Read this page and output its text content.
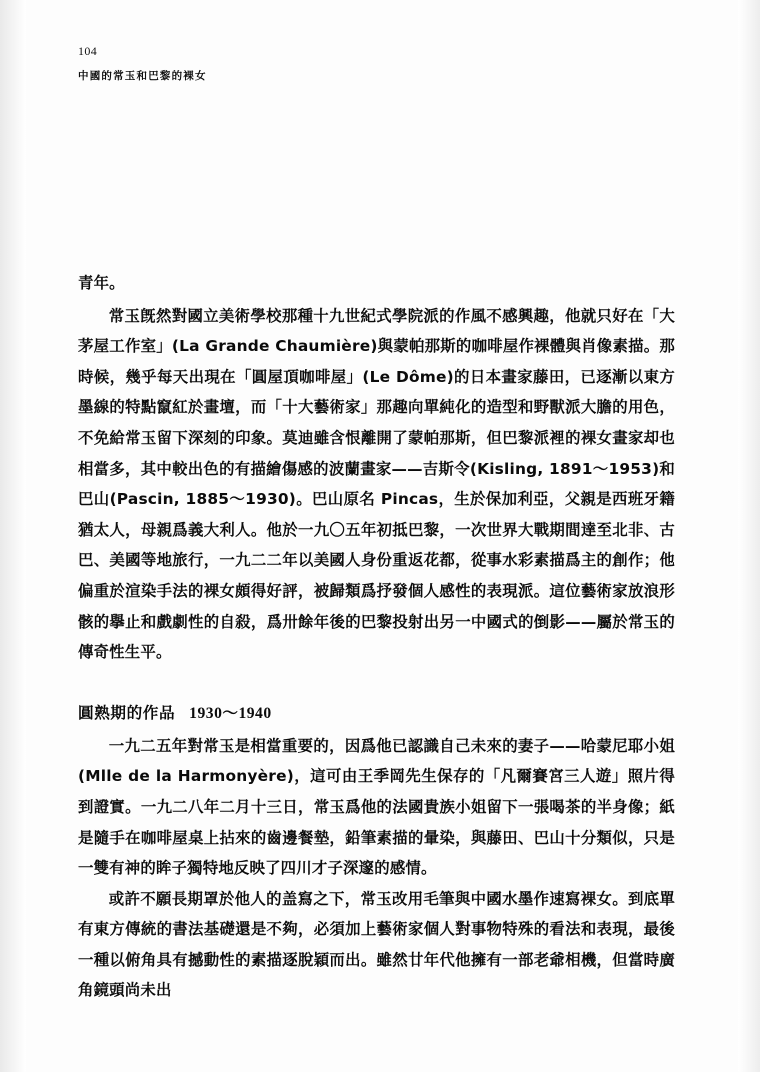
104
中國的常玉和巴黎的裸女

青年。

常玉旣然對國立美術學校那種十九世紀式學院派的作風不感興趣，他就只好在「大茅屋工作室」(La Grande Chaumière)與蒙帕那斯的咖啡屋作裸體與肖像素描。那時候，幾乎每天出現在「圓屋頂咖啡屋」(Le Dôme)的日本畫家藤田，已逐漸以東方墨線的特點竄紅於畫壇，而「十大藝術家」那趣向單純化的造型和野獸派大膽的用色，不免給常玉留下深刻的印象。莫迪雖含恨離開了蒙帕那斯，但巴黎派裡的裸女畫家却也相當多，其中較出色的有描繪傷感的波蘭畫家——吉斯令(Kisling, 1891～1953)和巴山(Pascin, 1885～1930)。巴山原名 Pincas，生於保加利亞，父親是西班牙籍猶太人，母親爲義大利人。他於一九〇五年初抵巴黎，一次世界大戰期間達至北非、古巴、美國等地旅行，一九二二年以美國人身份重返花都，從事水彩素描爲主的創作；他偏重於渲染手法的裸女頗得好評，被歸類爲抒發個人感性的表現派。這位藝術家放浪形骸的擧止和戲劇性的自殺，爲卅餘年後的巴黎投射出另一中國式的倒影——屬於常玉的傳奇性生平。

圓熟期的作品 1930～1940

一九二五年對常玉是相當重要的，因爲他已認識自己未來的妻子——哈蒙尼耶小姐(Mlle de la Harmonyère)，這可由王季岡先生保存的「凡爾賽宮三人遊」照片得到證實。一九二八年二月十三日，常玉爲他的法國貴族小姐留下一張喝茶的半身像；紙是隨手在咖啡屋桌上拈來的齒邊餐墊，鉛筆素描的暈染，與藤田、巴山十分類似，只是一雙有神的眸子獨特地反映了四川才子深邃的感情。

或許不願長期罩於他人的盖寫之下，常玉改用毛筆與中國水墨作速寫裸女。到底單有東方傳統的書法基礎還是不夠，必須加上藝術家個人對事物特殊的看法和表現，最後一種以俯角具有撼動性的素描逐脫穎而出。雖然廿年代他擁有一部老爺相機，但當時廣角鏡頭尚未出
